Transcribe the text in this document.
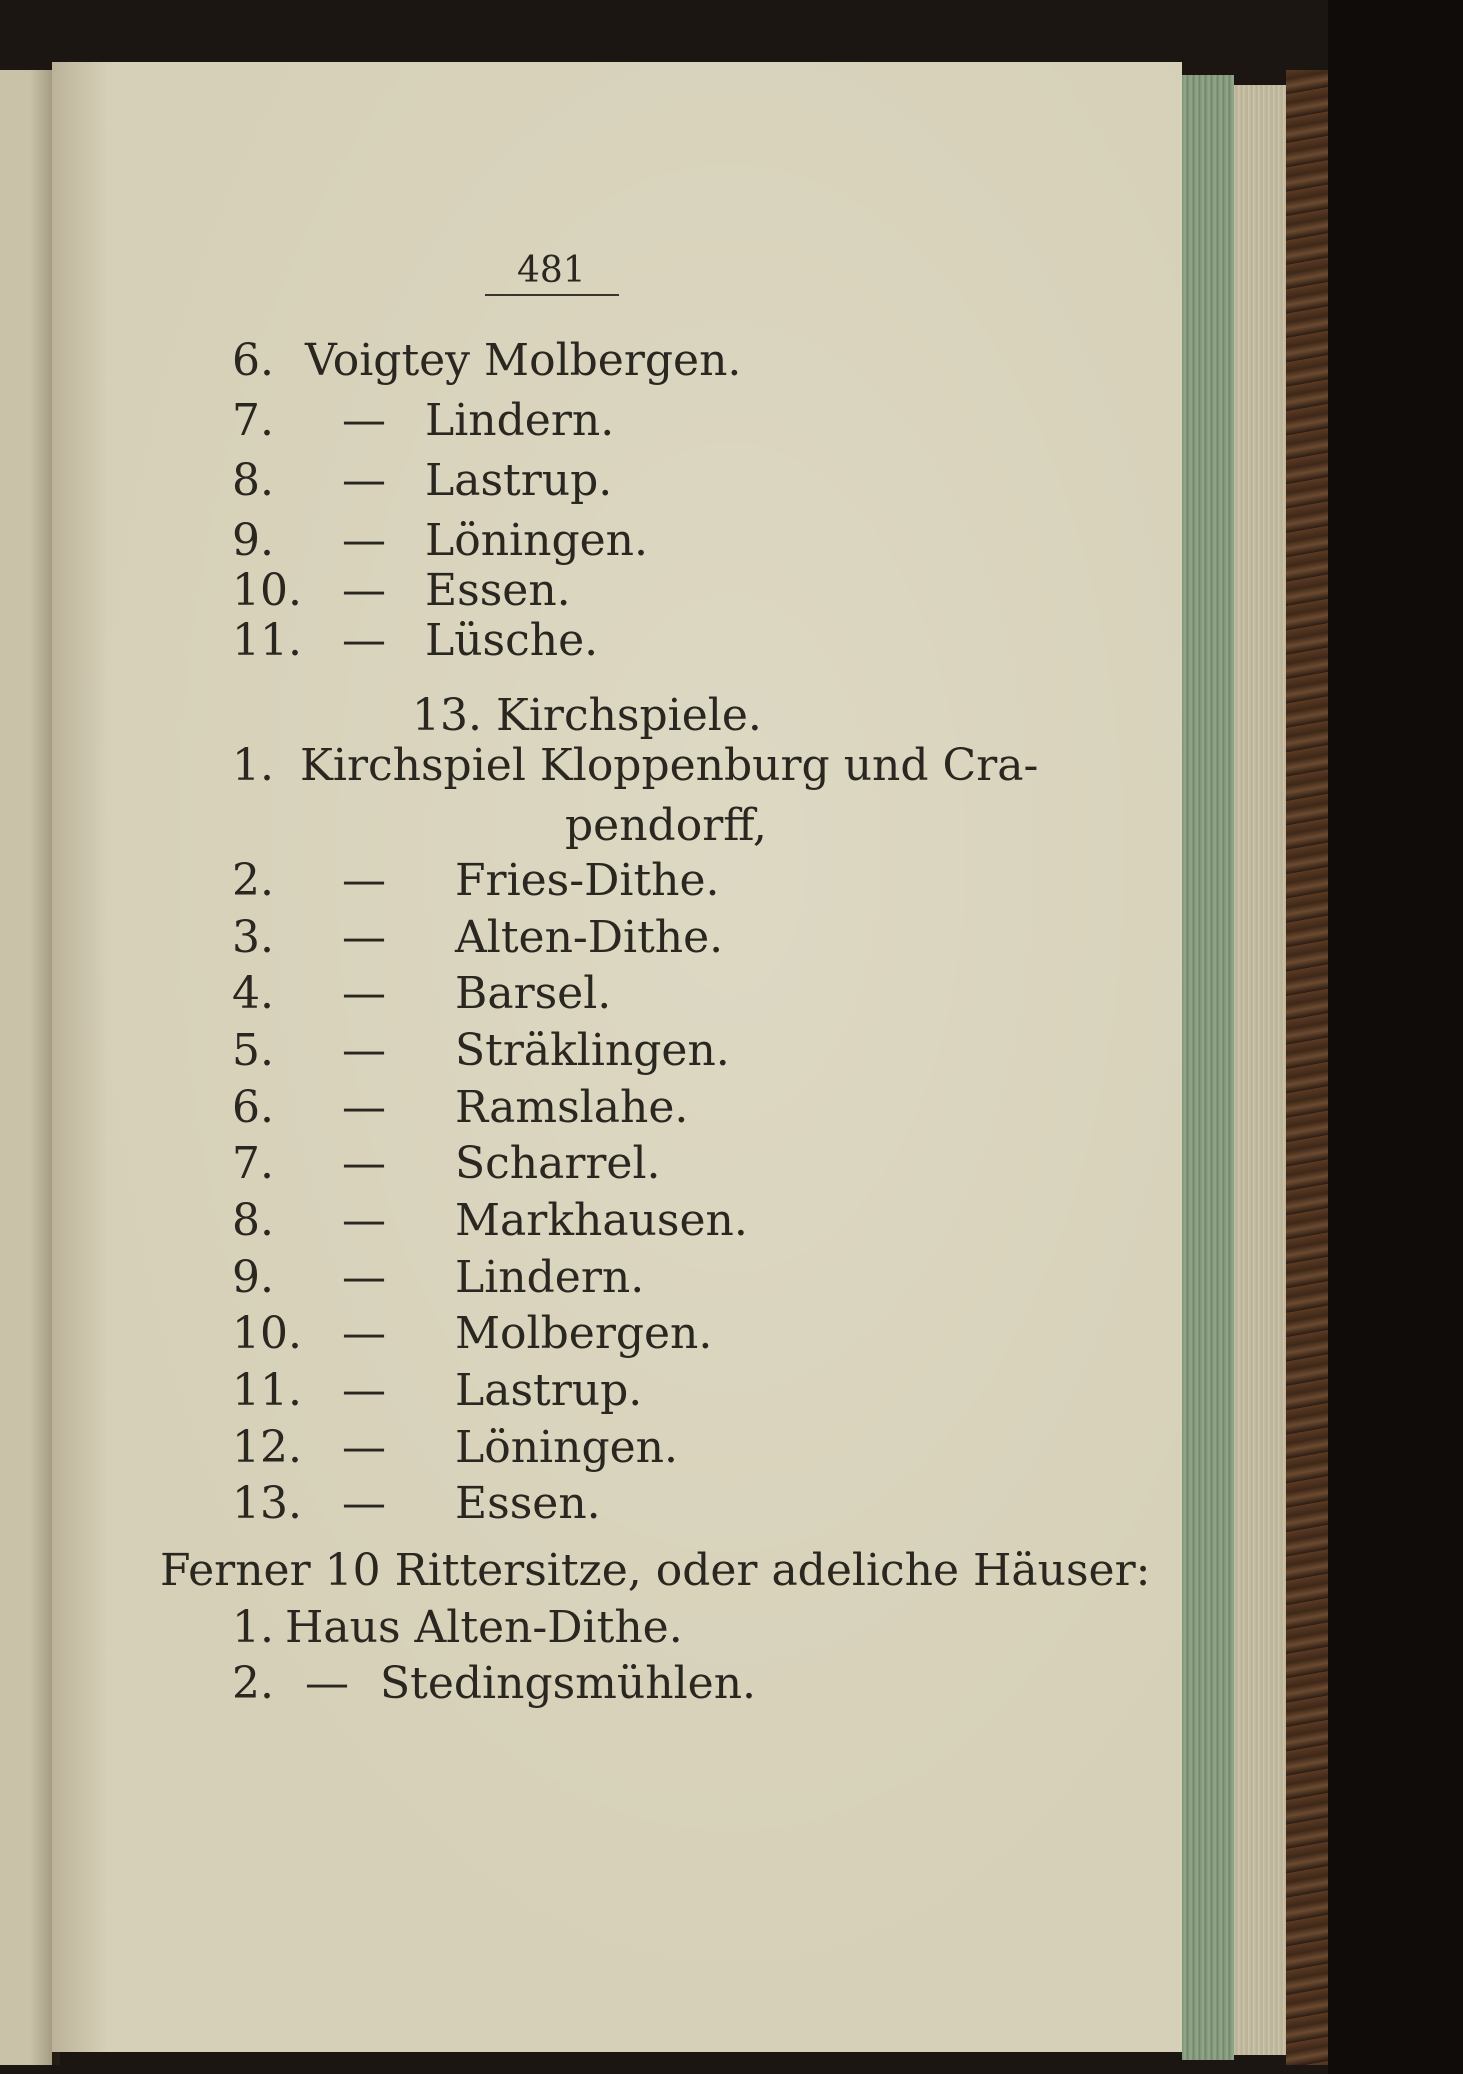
481
6. Voigtey Molbergen.
7. — Lindern.
8. — Lastrup.
9. — Löningen.
10. — Essen.
11. — Lüsche.
13. Kirchspiele.
1. Kirchspiel Kloppenburg und Cra-
pendorff,
2. — Fries-Dithe.
3. — Alten-Dithe.
4. — Barsel.
5. — Sträklingen.
6. — Ramslahe.
7. — Scharrel.
8. — Markhausen.
9. — Lindern.
10. — Molbergen.
11. — Lastrup.
12. — Löningen.
13. — Essen.
Ferner 10 Rittersitze, oder adeliche Häuser:
1. Haus Alten-Dithe.
2. — Stedingsmühlen.
